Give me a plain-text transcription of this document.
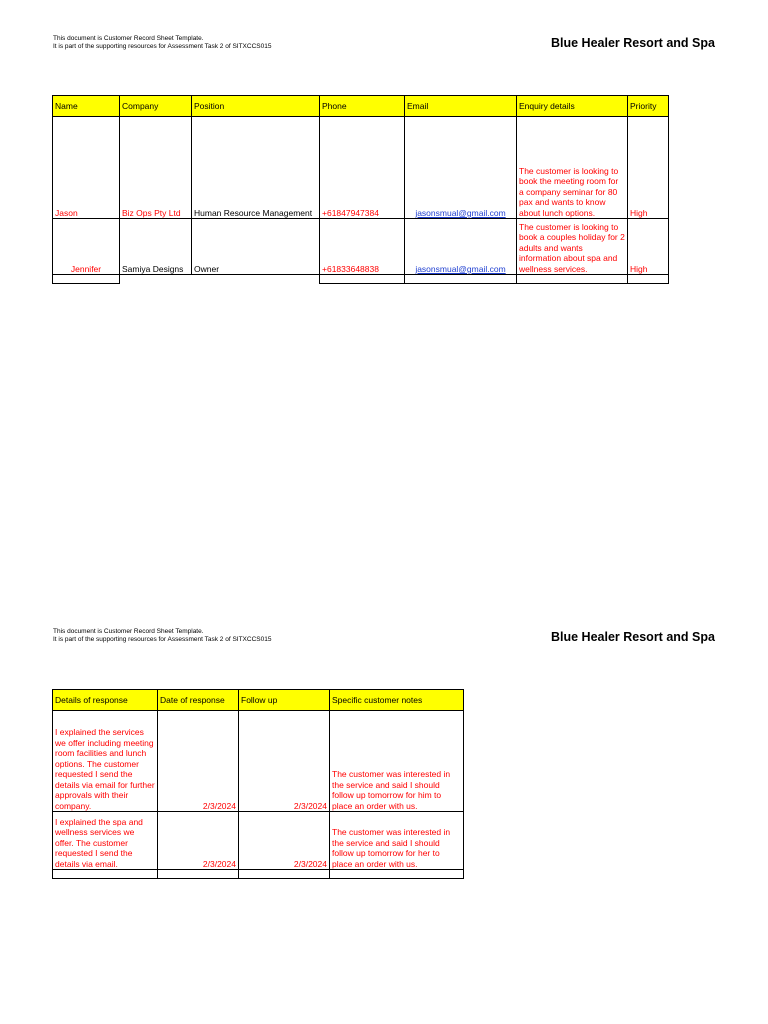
This document is Customer Record Sheet Template.
It is part of the supporting resources for Assessment Task 2 of SITXCCS015	Blue Healer Resort and Spa
Name	Company	Position	Phone	Email	Enquiry details	Priority
Jason	Biz Ops Pty Ltd	Human Resource Management	+61847947384	jasonsmual@gmail.com	The customer is looking to book the meeting room for a company seminar for 80 pax and wants to know about lunch options.	High
Jennifer	Samiya Designs	Owner	+61833648838	jasonsmual@gmail.com	The customer is looking to book a couples holiday for 2 adults and wants information about spa and wellness services.	High

This document is Customer Record Sheet Template.
It is part of the supporting resources for Assessment Task 2 of SITXCCS015	Blue Healer Resort and Spa
Details of response	Date of response	Follow up	Specific customer notes
I explained the services we offer including meeting room facilities and lunch options. The customer requested I send the details via email for further approvals with their company.	2/3/2024	2/3/2024	The customer was interested in the service and said I should follow up tomorrow for him to place an order with us.
I explained the spa and wellness services we offer. The customer requested I send the details via email.	2/3/2024	2/3/2024	The customer was interested in the service and said I should follow up tomorrow for her to place an order with us.
